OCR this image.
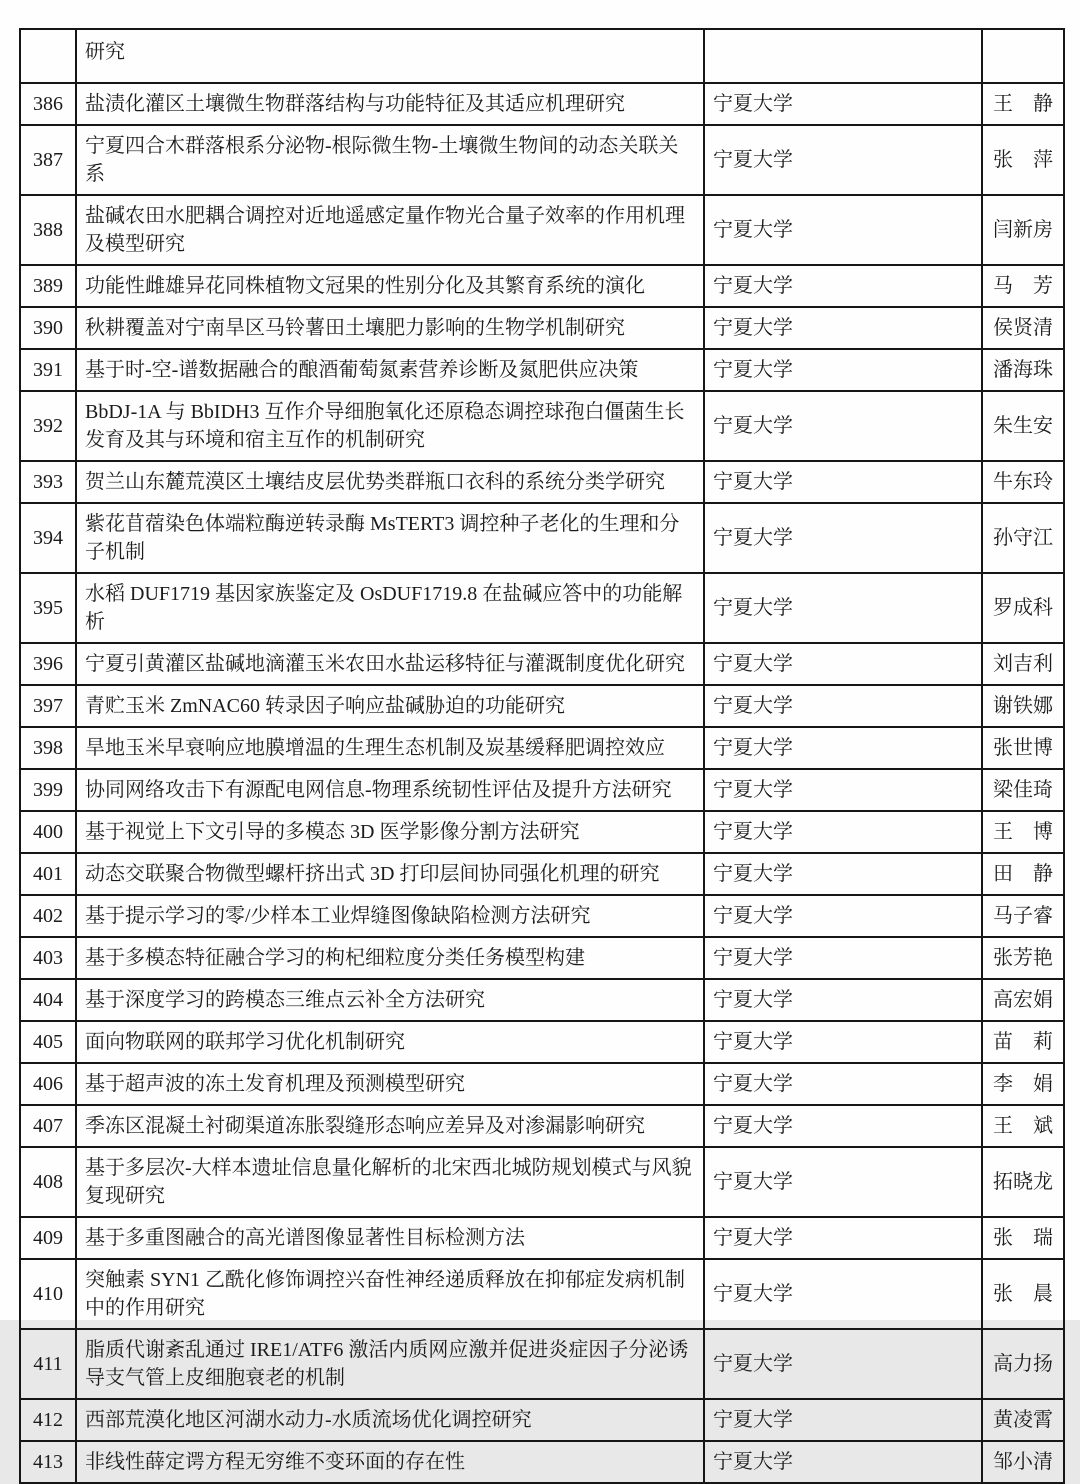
	研究		
386	盐渍化灌区土壤微生物群落结构与功能特征及其适应机理研究	宁夏大学	王　静
387	宁夏四合木群落根系分泌物-根际微生物-土壤微生物间的动态关联关系	宁夏大学	张　萍
388	盐碱农田水肥耦合调控对近地遥感定量作物光合量子效率的作用机理及模型研究	宁夏大学	闫新房
389	功能性雌雄异花同株植物文冠果的性别分化及其繁育系统的演化	宁夏大学	马　芳
390	秋耕覆盖对宁南旱区马铃薯田土壤肥力影响的生物学机制研究	宁夏大学	侯贤清
391	基于时-空-谱数据融合的酿酒葡萄氮素营养诊断及氮肥供应决策	宁夏大学	潘海珠
392	BbDJ-1A 与 BbIDH3 互作介导细胞氧化还原稳态调控球孢白僵菌生长发育及其与环境和宿主互作的机制研究	宁夏大学	朱生安
393	贺兰山东麓荒漠区土壤结皮层优势类群瓶口衣科的系统分类学研究	宁夏大学	牛东玲
394	紫花苜蓿染色体端粒酶逆转录酶 MsTERT3 调控种子老化的生理和分子机制	宁夏大学	孙守江
395	水稻 DUF1719 基因家族鉴定及 OsDUF1719.8 在盐碱应答中的功能解析	宁夏大学	罗成科
396	宁夏引黄灌区盐碱地滴灌玉米农田水盐运移特征与灌溉制度优化研究	宁夏大学	刘吉利
397	青贮玉米 ZmNAC60 转录因子响应盐碱胁迫的功能研究	宁夏大学	谢铁娜
398	旱地玉米早衰响应地膜增温的生理生态机制及炭基缓释肥调控效应	宁夏大学	张世博
399	协同网络攻击下有源配电网信息-物理系统韧性评估及提升方法研究	宁夏大学	梁佳琦
400	基于视觉上下文引导的多模态 3D 医学影像分割方法研究	宁夏大学	王　博
401	动态交联聚合物微型螺杆挤出式 3D 打印层间协同强化机理的研究	宁夏大学	田　静
402	基于提示学习的零/少样本工业焊缝图像缺陷检测方法研究	宁夏大学	马子睿
403	基于多模态特征融合学习的枸杞细粒度分类任务模型构建	宁夏大学	张芳艳
404	基于深度学习的跨模态三维点云补全方法研究	宁夏大学	高宏娟
405	面向物联网的联邦学习优化机制研究	宁夏大学	苗　莉
406	基于超声波的冻土发育机理及预测模型研究	宁夏大学	李　娟
407	季冻区混凝土衬砌渠道冻胀裂缝形态响应差异及对渗漏影响研究	宁夏大学	王　斌
408	基于多层次-大样本遗址信息量化解析的北宋西北城防规划模式与风貌复现研究	宁夏大学	拓晓龙
409	基于多重图融合的高光谱图像显著性目标检测方法	宁夏大学	张　瑞
410	突触素 SYN1 乙酰化修饰调控兴奋性神经递质释放在抑郁症发病机制中的作用研究	宁夏大学	张　晨
411	脂质代谢紊乱通过 IRE1/ATF6 激活内质网应激并促进炎症因子分泌诱导支气管上皮细胞衰老的机制	宁夏大学	高力扬
412	西部荒漠化地区河湖水动力-水质流场优化调控研究	宁夏大学	黄凌霄
413	非线性薛定谔方程无穷维不变环面的存在性	宁夏大学	邹小清
